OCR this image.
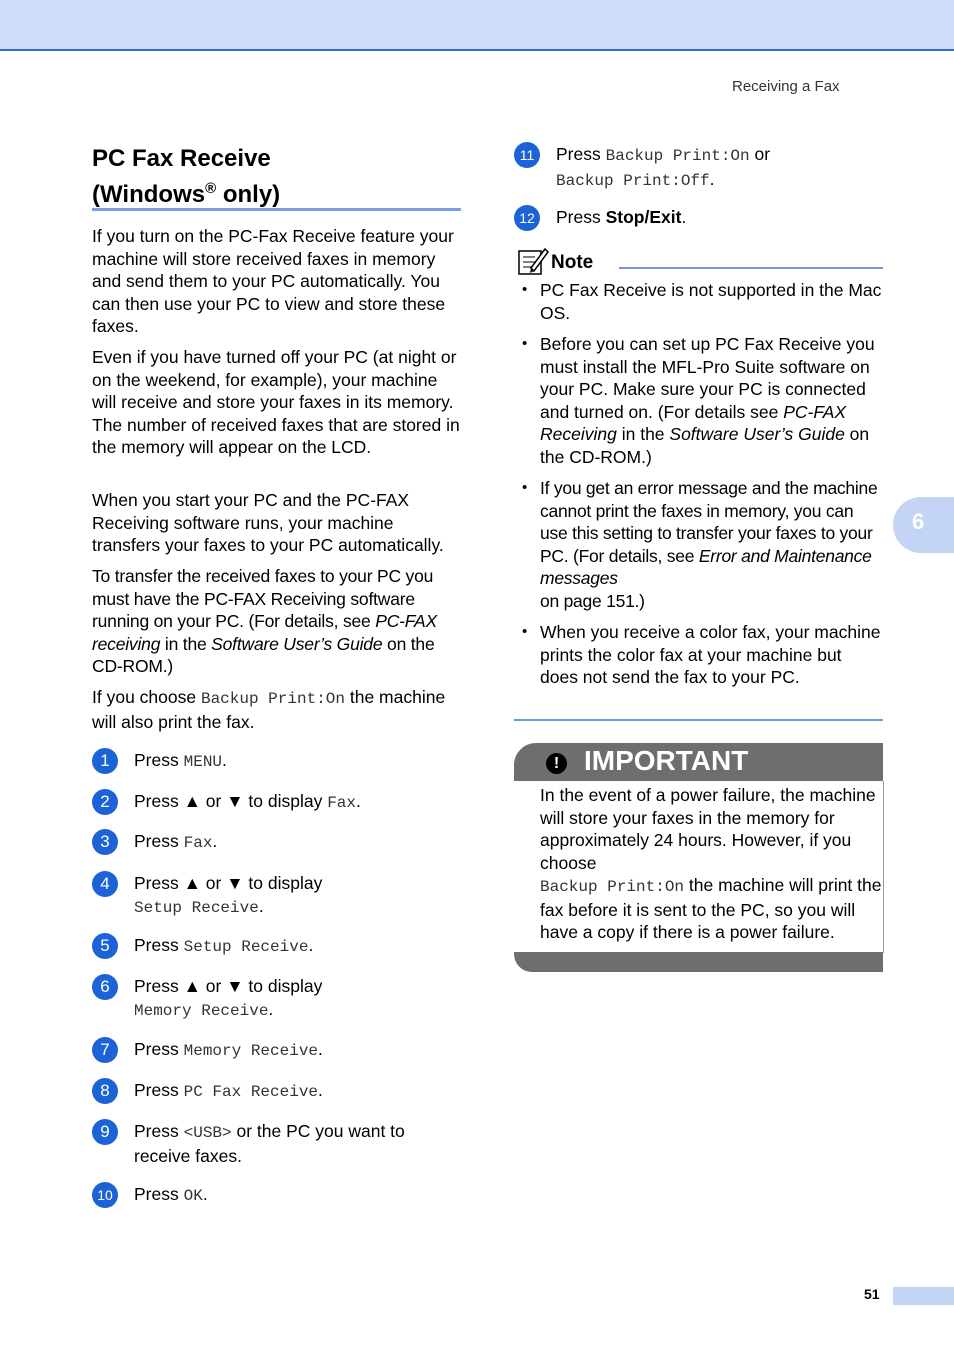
Receiving a Fax
6
PC Fax Receive
(Windows® only)

If you turn on the PC-Fax Receive feature your machine will store received faxes in memory and send them to your PC automatically. You can then use your PC to view and store these faxes.

Even if you have turned off your PC (at night or on the weekend, for example), your machine will receive and store your faxes in its memory. The number of received faxes that are stored in the memory will appear on the LCD.

When you start your PC and the PC-FAX Receiving software runs, your machine transfers your faxes to your PC automatically.

To transfer the received faxes to your PC you must have the PC-FAX Receiving software running on your PC. (For details, see PC-FAX receiving in the Software User’s Guide on the CD-ROM.)

If you choose Backup Print:On the machine will also print the fax.

1	Press MENU.
2	Press ▲ or ▼ to display Fax.
3	Press Fax.
4	Press ▲ or ▼ to display
Setup Receive.
5	Press Setup Receive.
6	Press ▲ or ▼ to display
Memory Receive.
7	Press Memory Receive.
8	Press PC Fax Receive.
9	Press <USB> or the PC you want to receive faxes.
10 Press OK.
11	Press Backup Print:On or
Backup Print:Off.
12 Press Stop/Exit.
Note
• PC Fax Receive is not supported in the Mac OS.
• Before you can set up PC Fax Receive you must install the MFL-Pro Suite software on your PC. Make sure your PC is connected and turned on. (For details see PC-FAX Receiving in the Software User’s Guide on the CD-ROM.)
• If you get an error message and the machine cannot print the faxes in memory, you can use this setting to transfer your faxes to your PC. (For details, see Error and Maintenance messages
on page 151.)
• When you receive a color fax, your machine prints the color fax at your machine but does not send the fax to your PC.
! IMPORTANT

In the event of a power failure, the machine will store your faxes in the memory for approximately 24 hours. However, if you choose
Backup Print:On the machine will print the fax before it is sent to the PC, so you will have a copy if there is a power failure.

51
